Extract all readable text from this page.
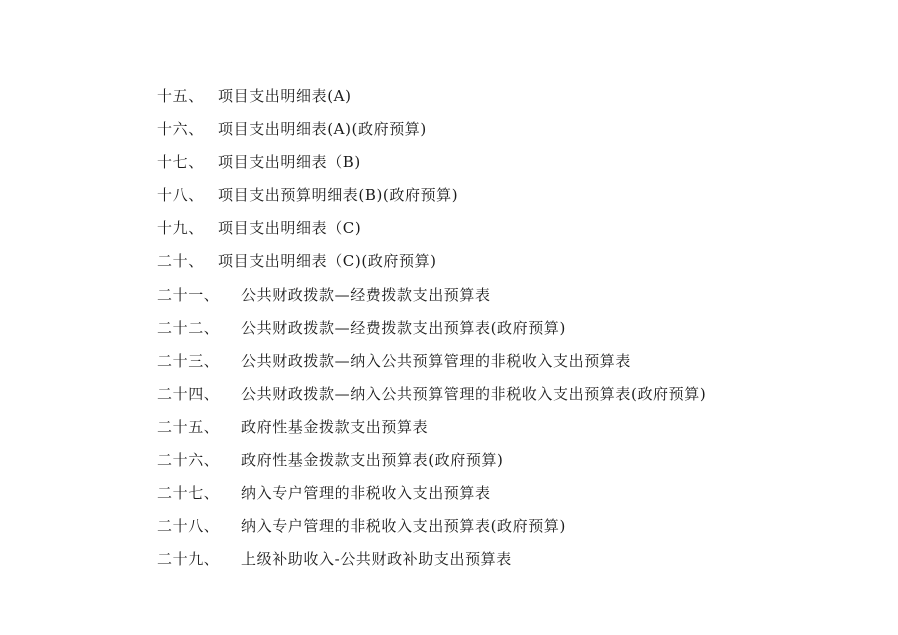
十五、 项目支出明细表(A)
十六、 项目支出明细表(A)(政府预算)
十七、 项目支出明细表（B)
十八、 项目支出预算明细表(B)(政府预算)
十九、 项目支出明细表（C)
二十、 项目支出明细表（C)(政府预算)
二十一、 公共财政拨款—经费拨款支出预算表
二十二、 公共财政拨款—经费拨款支出预算表(政府预算)
二十三、 公共财政拨款—纳入公共预算管理的非税收入支出预算表
二十四、 公共财政拨款—纳入公共预算管理的非税收入支出预算表(政府预算)
二十五、 政府性基金拨款支出预算表
二十六、 政府性基金拨款支出预算表(政府预算)
二十七、 纳入专户管理的非税收入支出预算表
二十八、 纳入专户管理的非税收入支出预算表(政府预算)
二十九、 上级补助收入-公共财政补助支出预算表
